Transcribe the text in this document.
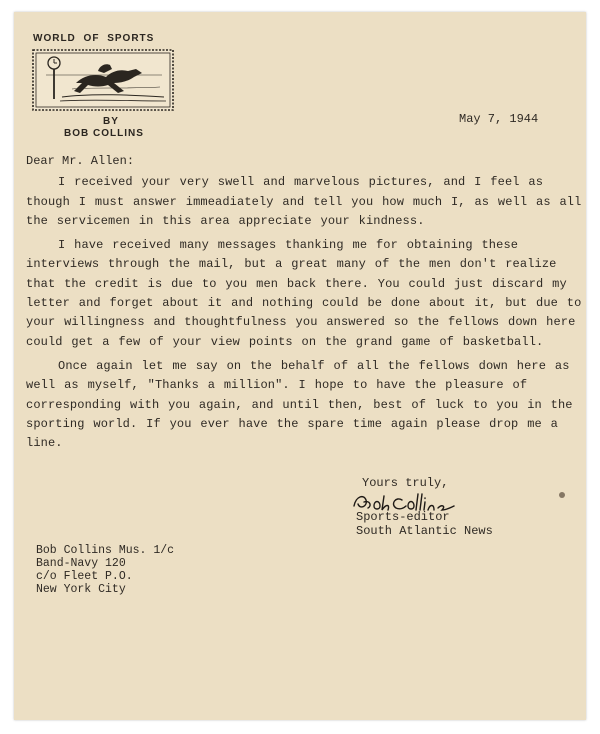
WORLD OF SPORTS
BY
BOB COLLINS
May 7, 1944

Dear Mr. Allen:

I received your very swell and marvelous pictures, and I feel as though I must answer immeadiately and tell you how much I, as well as all the servicemen in this area appreciate your kindness.

I have received many messages thanking me for obtaining these interviews through the mail, but a great many of the men don't realize that the credit is due to you men back there. You could just discard my letter and forget about it and nothing could be done about it, but due to your willingness and thoughtfulness you answered so the fellows down here could get a few of your view points on the grand game of basketball.

Once again let me say on the behalf of all the fellows down here as well as myself, "Thanks a million". I hope to have the pleasure of corresponding with you again, and until then, best of luck to you in the sporting world. If you ever have the spare time again please drop me a line.

Yours truly,
Sports-editor
South Atlantic News
Bob Collins Mus. 1/c
Band-Navy 120
c/o Fleet P.O.
New York City
